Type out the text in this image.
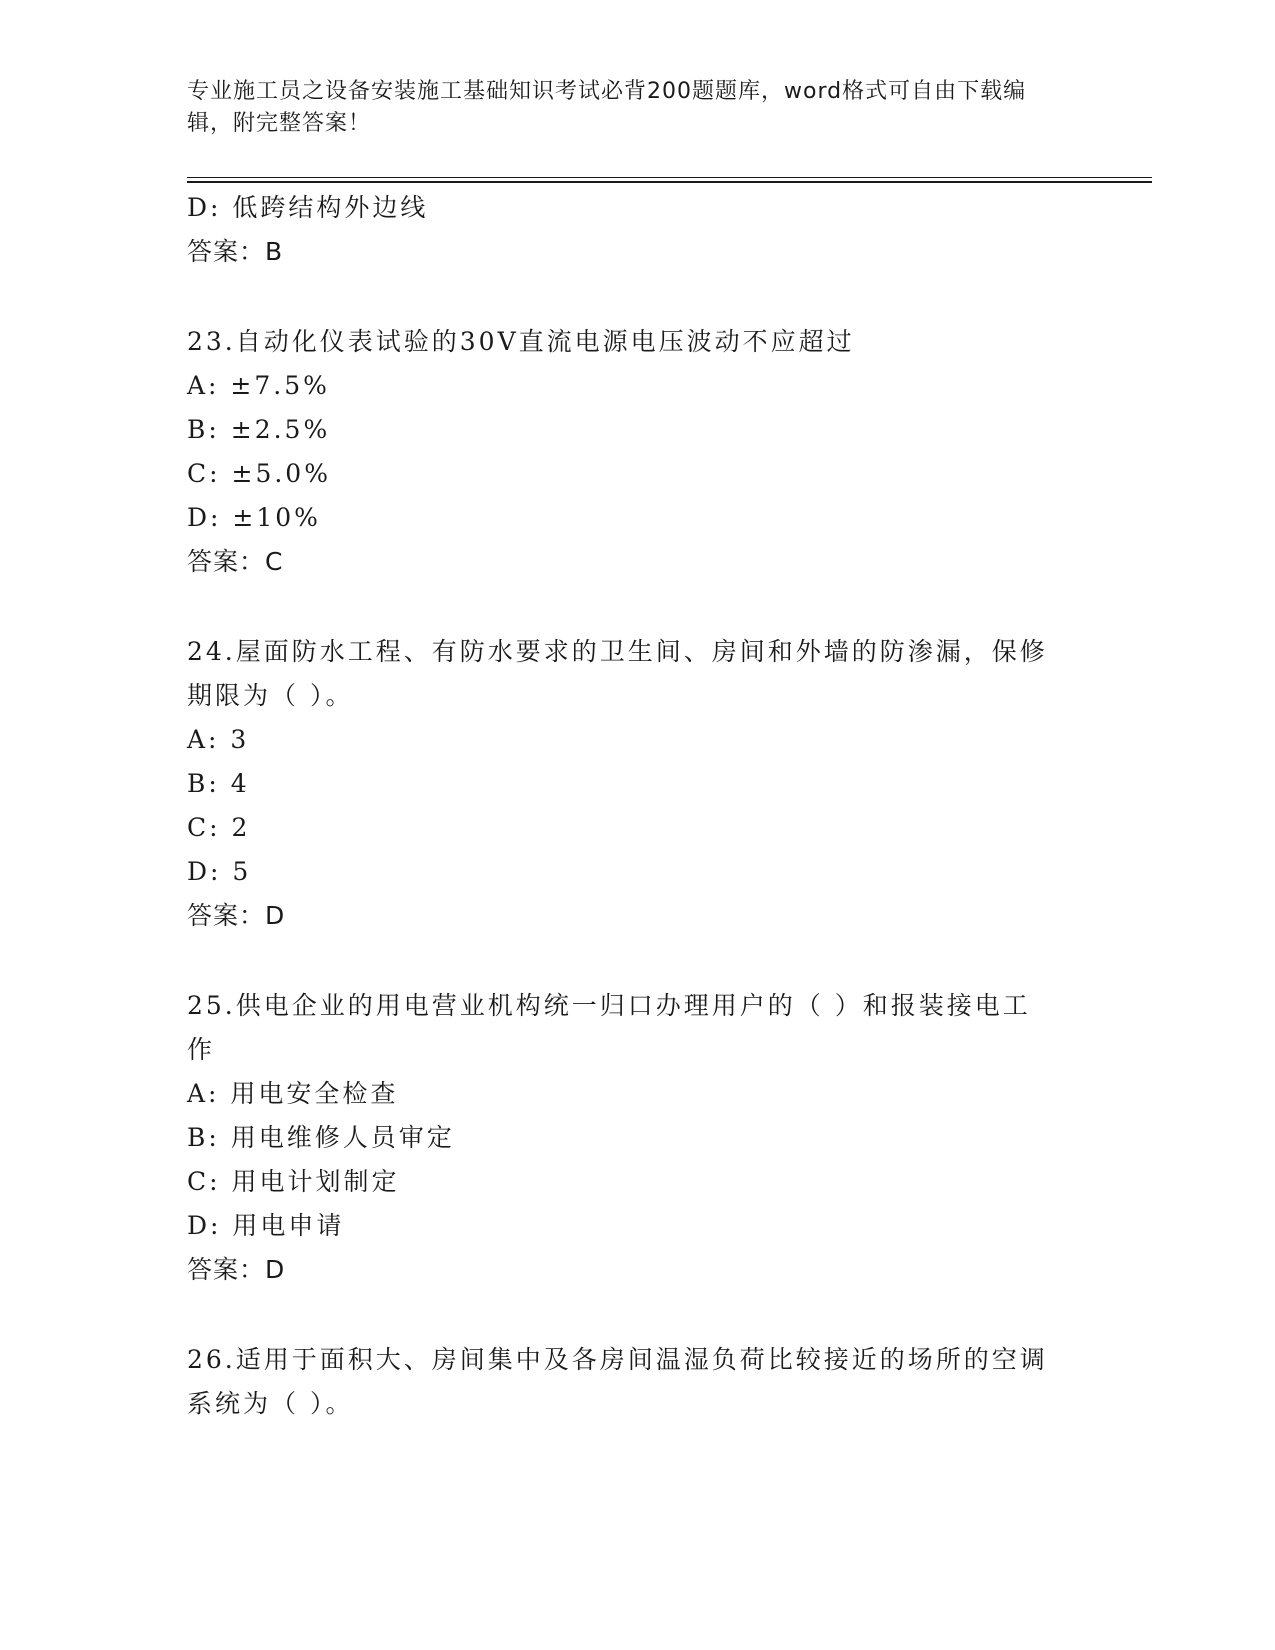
专业施工员之设备安装施工基础知识考试必背200题题库，word格式可自由下载编辑，附完整答案！
D: 低跨结构外边线
答案：B
23.自动化仪表试验的30V直流电源电压波动不应超过
A: ±7.5%
B: ±2.5%
C: ±5.0%
D: ±10%
答案：C
24.屋面防水工程、有防水要求的卫生间、房间和外墙的防渗漏，保修
期限为（ ）。
A: 3
B: 4
C: 2
D: 5
答案：D
25.供电企业的用电营业机构统一归口办理用户的（ ）和报装接电工
作
A: 用电安全检查
B: 用电维修人员审定
C: 用电计划制定
D: 用电申请
答案：D
26.适用于面积大、房间集中及各房间温湿负荷比较接近的场所的空调
系统为（ ）。
